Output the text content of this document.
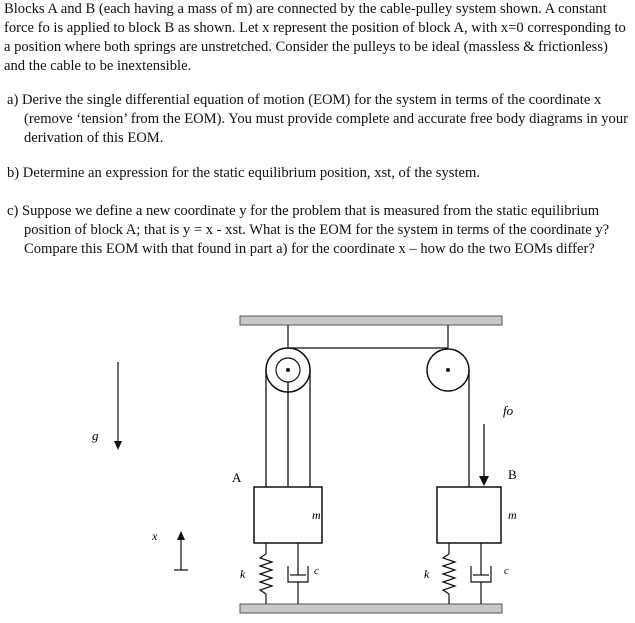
Blocks A and B (each having a mass of m) are connected by the cable-pulley system shown. A constant force fo is applied to block B as shown. Let x represent the position of block A, with x=0 corresponding to a position where both springs are unstretched. Consider the pulleys to be ideal (massless & frictionless) and the cable to be inextensible.

a) Derive the single differential equation of motion (EOM) for the system in terms of the coordinate x (remove ‘tension’ from the EOM). You must provide complete and accurate free body diagrams in your derivation of this EOM.

b) Determine an expression for the static equilibrium position, xst, of the system.

c) Suppose we define a new coordinate y for the problem that is measured from the static equilibrium position of block A; that is y = x - xst. What is the EOM for the system in terms of the coordinate y? Compare this EOM with that found in part a) for the coordinate x – how do the two EOMs differ?

m
A
m
B
k	c	k	c
fo
g
x
